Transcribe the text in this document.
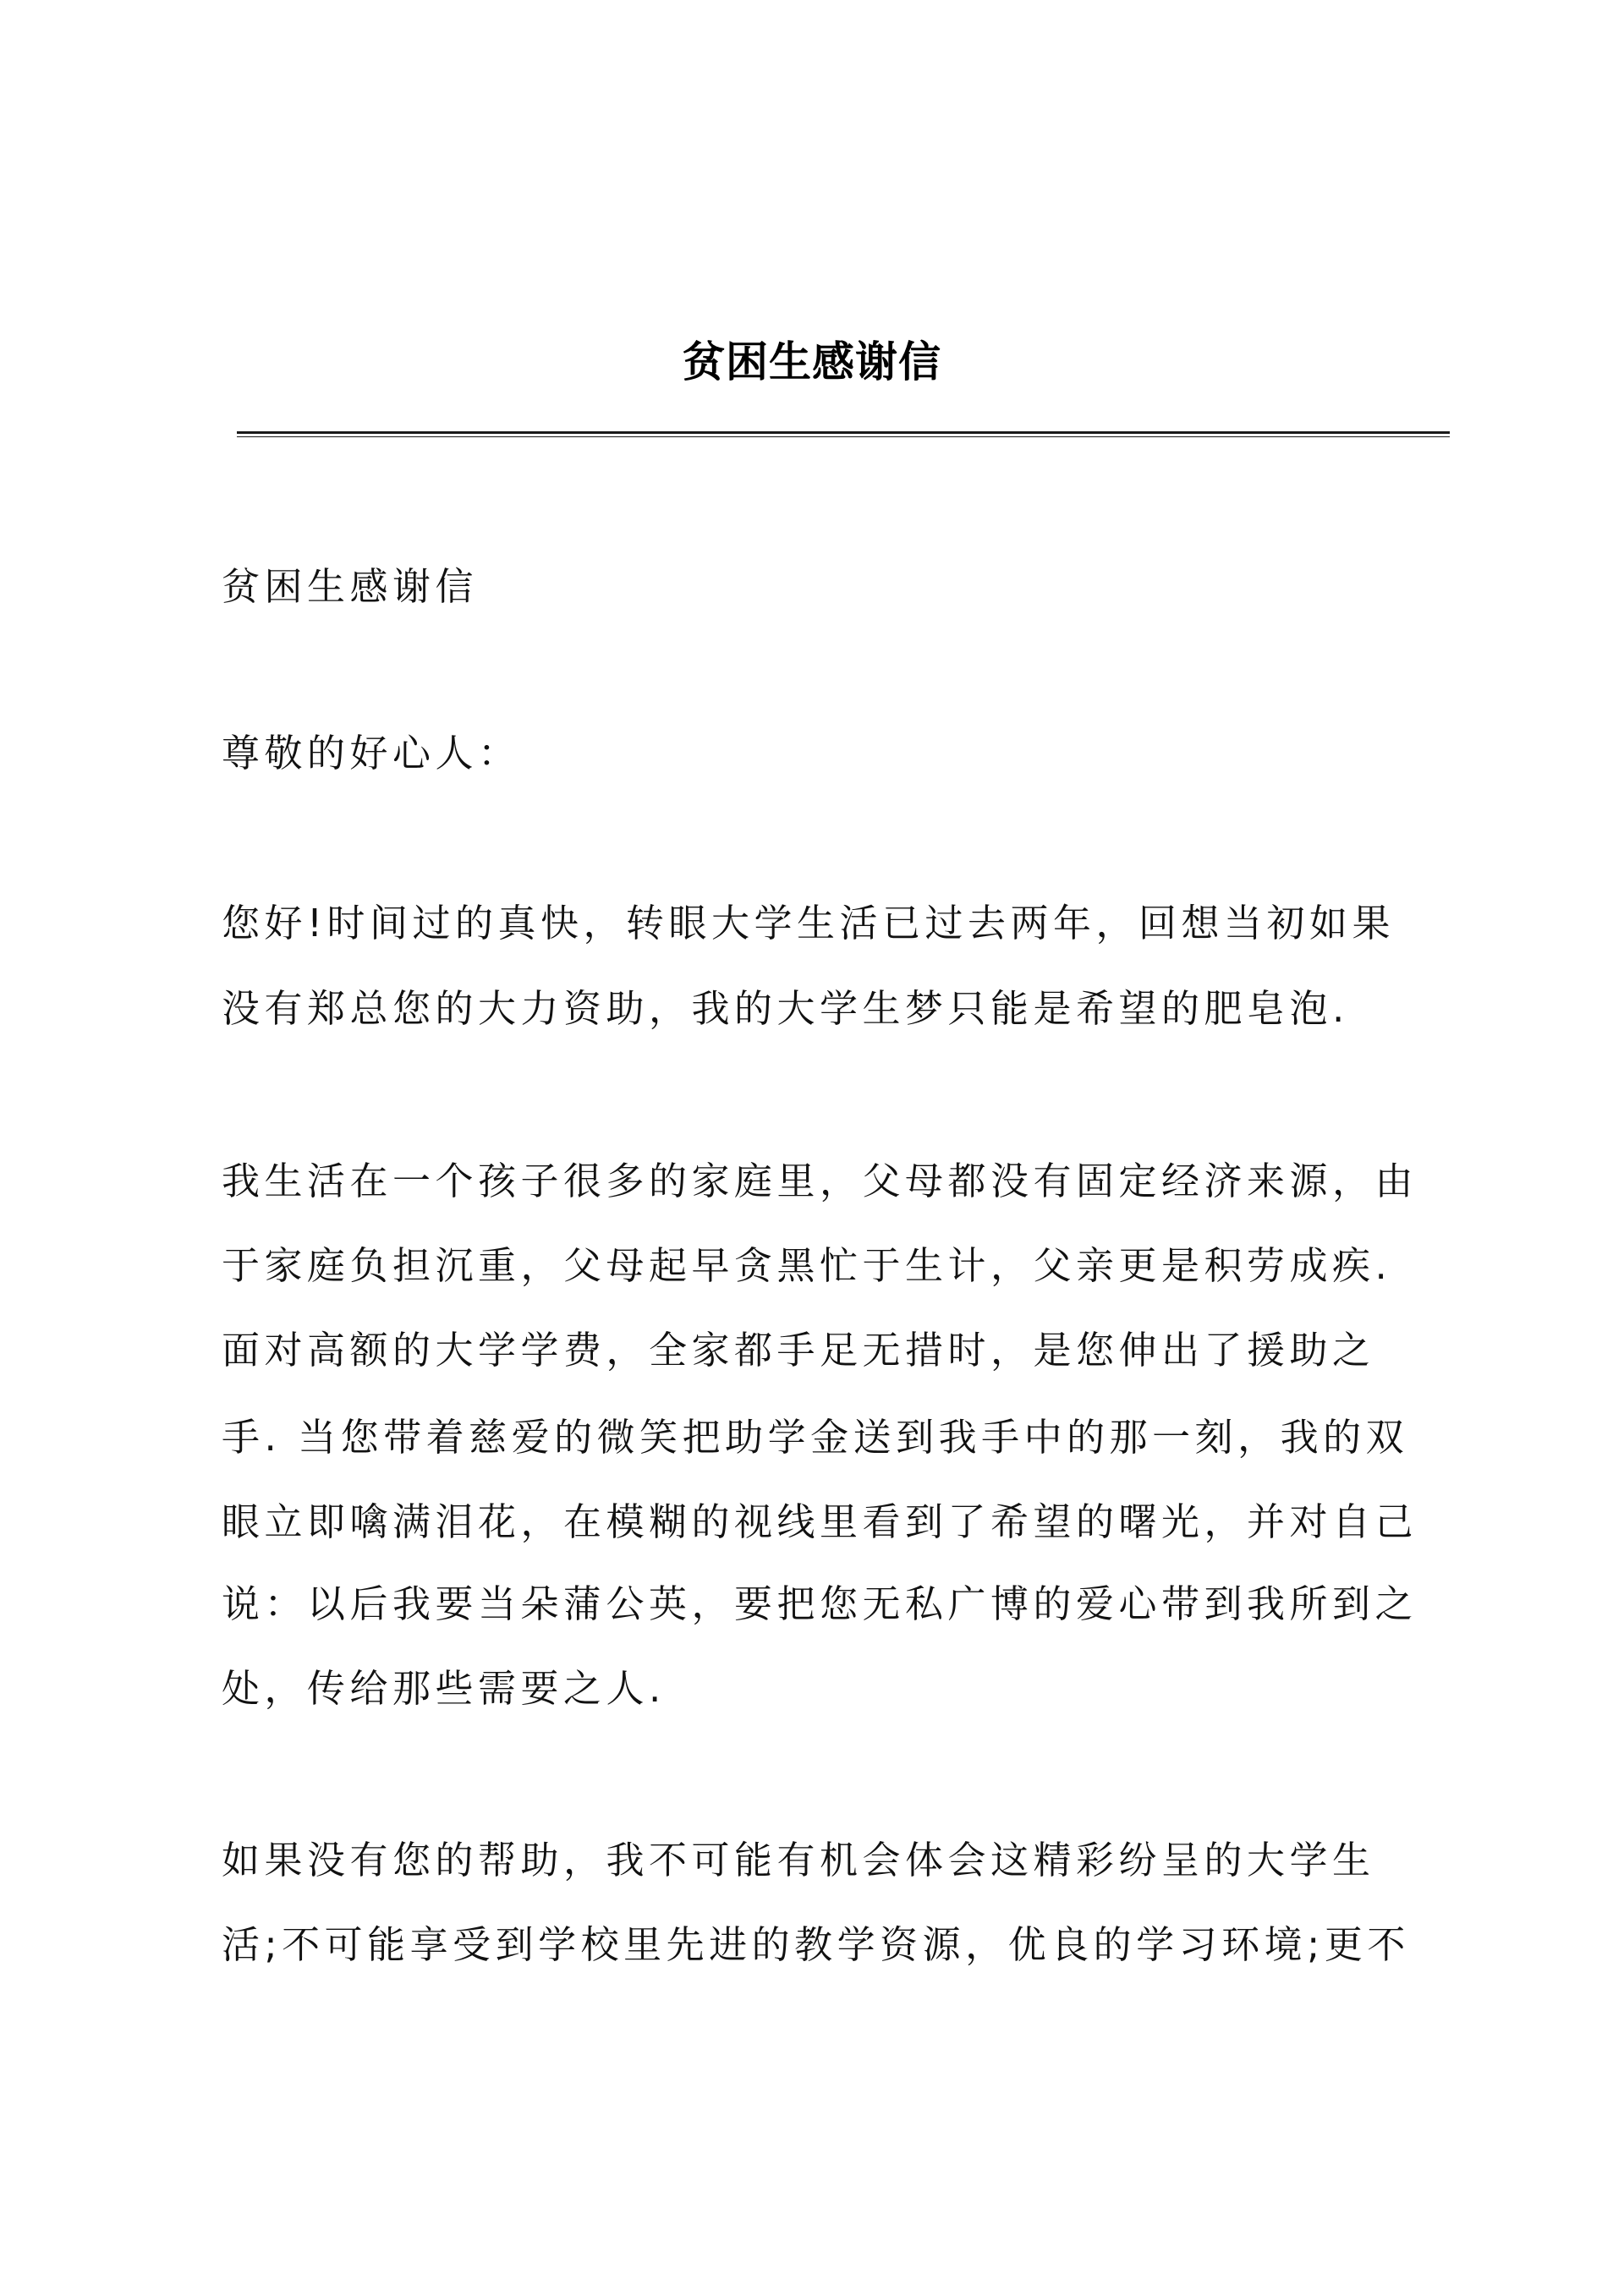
贫困生感谢信
贫困生感谢信
尊敬的好心人：
您好!时间过的真快，转眼大学生活已过去两年，回想当初如果
没有郑总您的大力资助，我的大学生梦只能是希望的肥皂泡.
我生活在一个孩子很多的家庭里，父母都没有固定经济来源，由
于家庭负担沉重，父母起早贪黑忙于生计，父亲更是积劳成疾.
面对高额的大学学费，全家都手足无措时，是您伸出了援助之
手. 当您带着慈爱的微笑把助学金送到我手中的那一刻，我的双
眼立即噙满泪花，在模糊的视线里看到了希望的曙光，并对自己
说：以后我要当朵蒲公英，要把您无私广博的爱心带到我所到之
处，传给那些需要之人.
如果没有您的帮助，我不可能有机会体会这精彩纷呈的大学生
活;不可能享受到学校里先进的教学资源，优良的学习环境;更不
